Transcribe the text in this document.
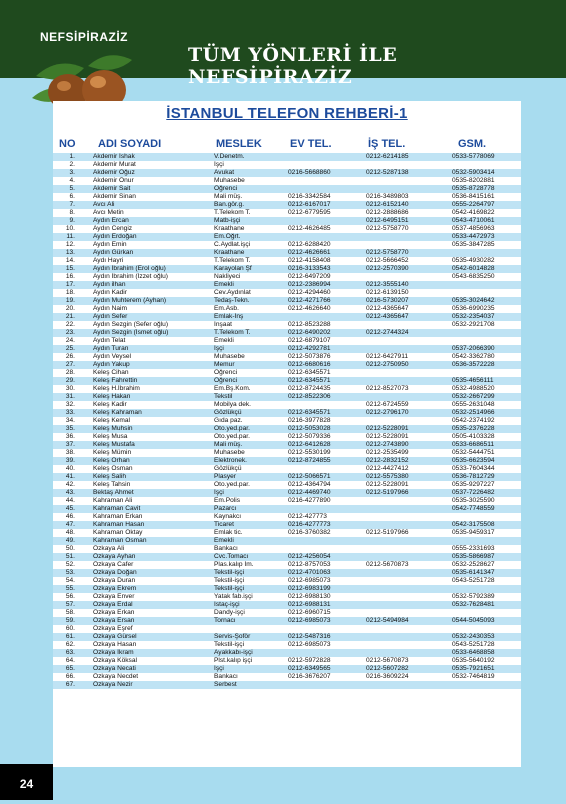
NEFSİPİRAZİZ
TÜM YÖNLERİ İLE NEFSİPİRAZİZ
İSTANBUL TELEFON REHBERİ-1
NO ADI SOYADI	MESLEK	EV TEL.	İŞ TEL.	GSM.
1.	Akdemir İshak	V.Denetm.		0212-6214185	0533-5778069
2.	Akdemir Murat	İşçi			
3.	Akdemir Oğuz	Avukat	0216-5668860	0212-5287138	0532-5903414
4.	Akdemir Önur	Muhasebe			0535-8202881
5.	Akdemir Sait	Öğrenci			0535-8728778
6.	Akdemir Sinan	Mali müş.	0216-3342584	0216-3489803	0536-8415161
7.	Avcı Ali	Ban.gör.g.	0212-6167017	0212-6152140	0555-2264797
8.	Avcı Metin	T.Telekom T.	0212-6779595	0212-2888686	0542-4169822
9.	Aydın Ercan	Matb-işçi		0212-6495151	0543-4710061
10.	Aydın Cengiz	Kraathane	0212-4626485	0212-5758770	0537-4856963
11.	Aydın Erdoğan	Em.Öğrt.			0533-4472973
12.	Aydın Emin	C.Aydlat.işçi	0212-6288420		0535-3847285
13.	Aydın Gürkan	Kraathane	0212-4626661	0212-5758770	
14.	Aydı Hayri	T.Telekom T.	0212-4158408	0212-5666452	0535-4930282
15.	Aydın İbrahim (Erol oğlu)	Karayolan Şf	0216-3133543	0212-2570390	0542-6014828
16.	Aydın İbrahim (İzzet oğlu)	Nakliyeci	0212-6497209		0543-6835250
17.	Aydın ilhan	Emekli	0212-2386994	0212-3555140	
18.	Aydın Kadir	Cev.Aydınlat	0212-4294460	0212-6139150	
19.	Aydın Muhterem (Ayhan)	Tedaş-Tekn.	0212-4271766	0216-5730207	0535-3024642
20.	Aydın Naim	Em.Asb.	0212-4626640	0212-4365647	0536-6990235
21.	Aydın Sefer	Emlak-İnş		0212-4365647	0532-2354037
22.	Aydın Sezgin (Sefer oğlu)	İnşaat	0212-8523288		0532-2921708
23.	Aydın Sezgin (İsmet oğlu)	T.Telekom T.	0212-6490202	0212-2744324	
24.	Aydın Telat	Emekli	0212-6879107		
25.	Aydın Turan	İşçi	0212-4292781		0537-2066390
26.	Aydın Veysel	Muhasebe	0212-5073876	0212-6427911	0542-3362780
27.	Aydın Yakup	Memur	0212-6680616	0212-2750950	0536-3572228
28.	Keleş Cihan	Öğrenci	0212-6345571		
29.	Keleş Fahrettin	Öğrenci	0212-6345571		0535-4656111
30.	Keleş H.İbrahim	Em.Bş.Kom.	0212-8724435	0212-8527073	0532-4988520
31.	Keleş Hakan	Tekstil	0212-8522306		0532-2667299
32.	Keleş Kadir	Mobilya dek.		0212-6724559	0555-2631048
33.	Keleş Kahraman	Gözlükçü	0212-6345571	0212-2796170	0532-2514966
34.	Keleş Kemal	Gıda paz.	0216-3977828		0542-2374192
35.	Keleş Muhsin	Oto.yed.par.	0212-5053028	0212-5228091	0535-2376228
36.	Keleş Musa	Oto.yed.par.	0212-5079336	0212-5228091	0505-4103328
37.	Keleş Mustafa	Mali müş.	0212-6412628	0212-2743890	0533-6686511
38.	Keleş Mümin	Muhasebe	0212-5530199	0212-2535499	0532-5444751
39.	Keleş Orhan	Elektronek.	0212-8724855	0212-2832152	0535-6623594
40.	Keleş Osman	Gözlükçü		0212-4427412	0533-7604344
41.	Keleş Salih	Plasyer	0212-5066571	0212-5575380	0536-7812729
42.	Keleş Tahsin	Oto.yed.par.	0212-4364794	0212-5228091	0535-9297227
43.	Bektaş Ahmet	İşçi	0212-4469740	0212-5197966	0537-7226482
44.	Kahraman Ali	Em.Polis	0216-4277890		0535-3025590
45.	Kahraman Cavit	Pazarcı			0542-7748559
46.	Kahraman Erkan	Kaynakcı	0212-427773		
47.	Kahraman Hasan	Ticaret	0216-4277773		0542-3175508
48.	Kahraman Oktay	Emlak tic.	0216-3760382	0212-5197966	0535-9459317
49.	Kahraman Osman	Emekli			
50.	Özkaya Ali	Bankacı			0555-2331693
51.	Özkaya Ayhan	Cvc.Tomacı	0212-4256054		0535-5866987
52.	Özkaya Cafer	Plas.kalıp İm.	0212-8757053	0212-5670873	0532-2528627
53.	Özkaya Doğan	Tekstil-işçi	0212-4701063		0535-6141347
54.	Özkaya Duran	Tekstil-işçi	0212-6985073		0543-5251728
55.	Özkaya Ekrem	Tekstil-işçi	0212-6983199		
56.	Özkaya Enver	Yatak fab.işçi	0212-6988130		0532-5792389
57.	Özkaya Erdal	Istaç-işçi	0212-6988131		0532-7628481
58.	Özkaya Erkan	Dandy-işçi	0212-6960715		
59.	Özkaya Ersan	Tornacı	0212-6985073	0212-5494984	0544-5045093
60.	Özkaya Eşref				
61.	Özkaya Gürsel	Servis-Şoför	0212-5487316		0532-2430353
62.	Özkaya Hasan	Tekstil-işçi	0212-6985073		0543-5251728
63.	Özkaya İkram	Ayakkabı-işçi			0533-6468858
64.	Özkaya Köksal	Plst.kalıp işçi	0212-5972828	0212-5670873	0535-5640192
65.	Özkaya Necati	İşçi	0212-6349565	0212-5607282	0535-7921651
66.	Özkaya Necdet	Bankacı	0216-3676207	0216-3609224	0532-7464819
67.	Özkaya Nezir	Serbest			
24
